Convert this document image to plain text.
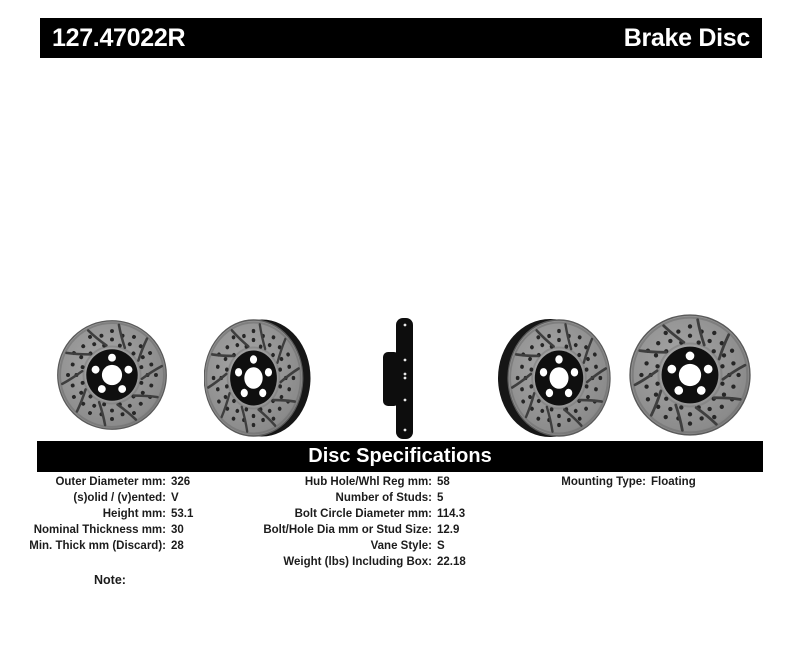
127.47022R	Brake Disc
Disc Specifications
Outer Diameter mm: 326
(s)olid / (v)ented: V
Height mm: 53.1
Nominal Thickness mm: 30
Min. Thick mm (Discard): 28
Hub Hole/Whl Reg mm: 58
Number of Studs: 5
Bolt Circle Diameter mm: 114.3
Bolt/Hole Dia mm or Stud Size: 12.9
Vane Style: S
Weight (lbs) Including Box: 22.18
Mounting Type: Floating
Note:
